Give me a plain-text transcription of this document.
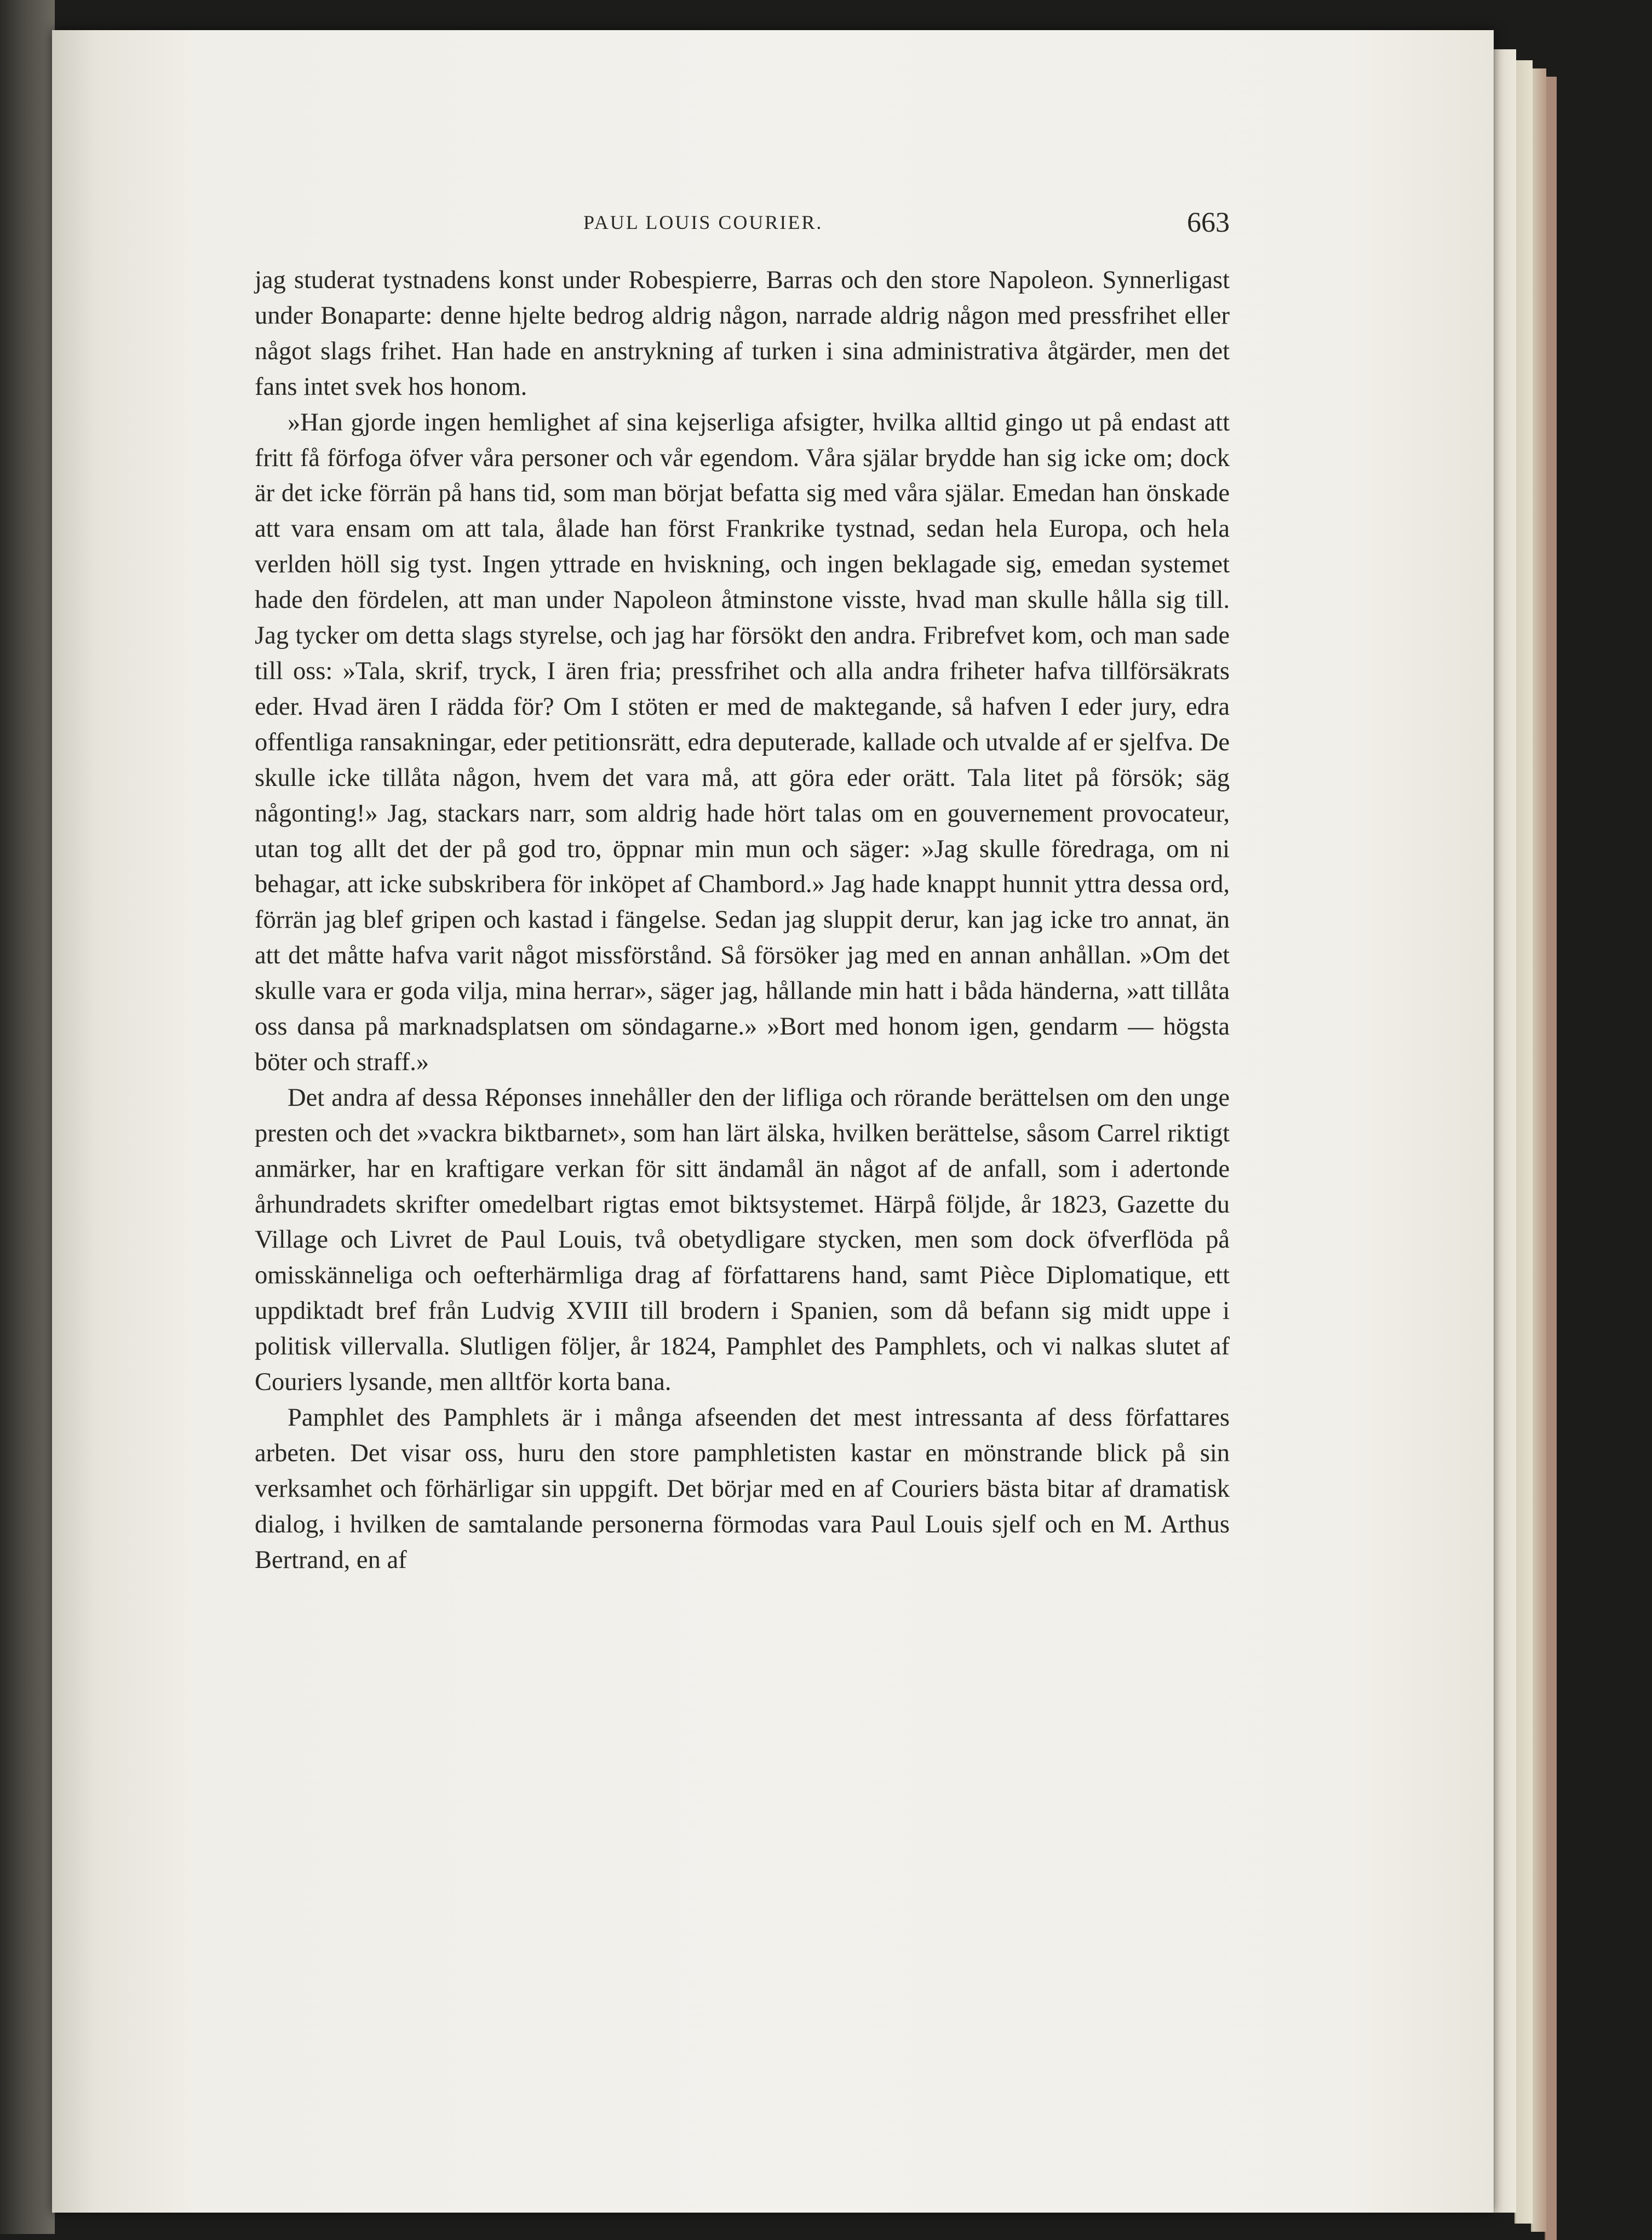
PAUL LOUIS COURIER.	663

jag studerat tystnadens konst under Robespierre, Barras och den store Napoleon. Synnerligast under Bonaparte: denne hjelte bedrog aldrig någon, narrade aldrig någon med pressfrihet eller något slags frihet. Han hade en anstrykning af turken i sina administrativa åtgärder, men det fans intet svek hos honom.

»Han gjorde ingen hemlighet af sina kejserliga afsigter, hvilka alltid gingo ut på endast att fritt få förfoga öfver våra personer och vår egendom. Våra själar brydde han sig icke om; dock är det icke förrän på hans tid, som man börjat befatta sig med våra själar. Emedan han önskade att vara ensam om att tala, ålade han först Frankrike tystnad, sedan hela Europa, och hela verlden höll sig tyst. Ingen yttrade en hviskning, och ingen beklagade sig, emedan systemet hade den fördelen, att man under Napoleon åtminstone visste, hvad man skulle hålla sig till. Jag tycker om detta slags styrelse, och jag har försökt den andra. Fribrefvet kom, och man sade till oss: »Tala, skrif, tryck, I ären fria; pressfrihet och alla andra friheter hafva tillförsäkrats eder. Hvad ären I rädda för? Om I stöten er med de maktegande, så hafven I eder jury, edra offentliga ransakningar, eder petitionsrätt, edra deputerade, kallade och utvalde af er sjelfva. De skulle icke tillåta någon, hvem det vara må, att göra eder orätt. Tala litet på försök; säg någonting!» Jag, stackars narr, som aldrig hade hört talas om en gouvernement provocateur, utan tog allt det der på god tro, öppnar min mun och säger: »Jag skulle föredraga, om ni behagar, att icke subskribera för inköpet af Chambord.» Jag hade knappt hunnit yttra dessa ord, förrän jag blef gripen och kastad i fängelse. Sedan jag sluppit derur, kan jag icke tro annat, än att det måtte hafva varit något missförstånd. Så försöker jag med en annan anhållan. »Om det skulle vara er goda vilja, mina herrar», säger jag, hållande min hatt i båda händerna, »att tillåta oss dansa på marknadsplatsen om söndagarne.» »Bort med honom igen, gendarm — högsta böter och straff.»

Det andra af dessa Réponses innehåller den der lifliga och rörande berättelsen om den unge presten och det »vackra biktbarnet», som han lärt älska, hvilken berättelse, såsom Carrel riktigt anmärker, har en kraftigare verkan för sitt ändamål än något af de anfall, som i adertonde århundradets skrifter omedelbart rigtas emot biktsystemet. Härpå följde, år 1823, Gazette du Village och Livret de Paul Louis, två obetydligare stycken, men som dock öfverflöda på omisskänneliga och oefterhärmliga drag af författarens hand, samt Pièce Diplomatique, ett uppdiktadt bref från Ludvig XVIII till brodern i Spanien, som då befann sig midt uppe i politisk villervalla. Slutligen följer, år 1824, Pamphlet des Pamphlets, och vi nalkas slutet af Couriers lysande, men alltför korta bana.

Pamphlet des Pamphlets är i många afseenden det mest intressanta af dess författares arbeten. Det visar oss, huru den store pamphletisten kastar en mönstrande blick på sin verksamhet och förhärligar sin uppgift. Det börjar med en af Couriers bästa bitar af dramatisk dialog, i hvilken de samtalande personerna förmodas vara Paul Louis sjelf och en M. Arthus Bertrand, en af
